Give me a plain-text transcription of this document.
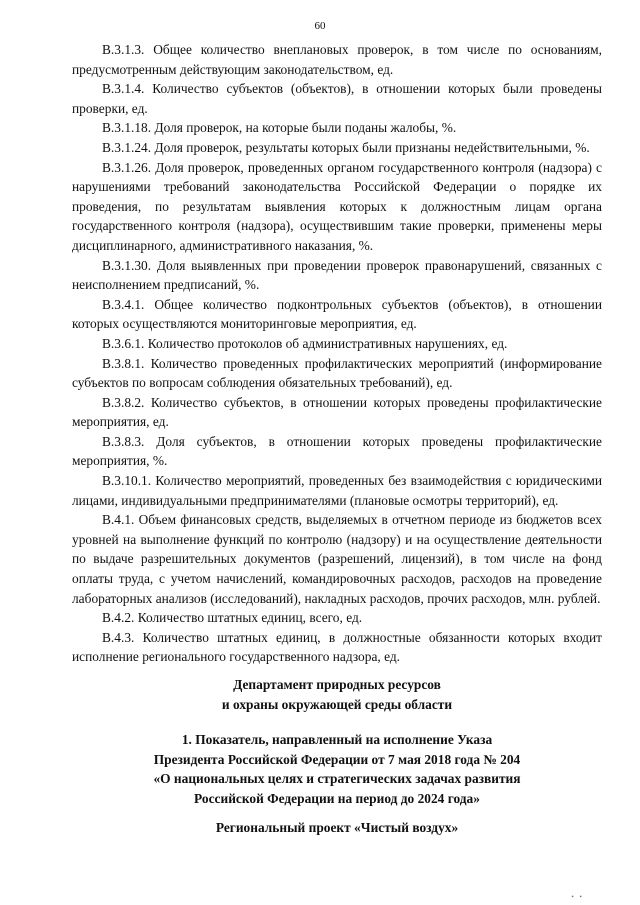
60

В.3.1.3. Общее количество внеплановых проверок, в том числе по основаниям, предусмотренным действующим законодательством, ед.

В.3.1.4. Количество субъектов (объектов), в отношении которых были проведены проверки, ед.

В.3.1.18. Доля проверок, на которые были поданы жалобы, %.

В.3.1.24. Доля проверок, результаты которых были признаны недействительными, %.

В.3.1.26. Доля проверок, проведенных органом государственного контроля (надзора) с нарушениями требований законодательства Российской Федерации о порядке их проведения, по результатам выявления которых к должностным лицам органа государственного контроля (надзора), осуществившим такие проверки, применены меры дисциплинарного, административного наказания, %.

В.3.1.30. Доля выявленных при проведении проверок правонарушений, связанных с неисполнением предписаний, %.

В.3.4.1. Общее количество подконтрольных субъектов (объектов), в отношении которых осуществляются мониторинговые мероприятия, ед.

В.3.6.1. Количество протоколов об административных нарушениях, ед.

В.3.8.1. Количество проведенных профилактических мероприятий (информирование субъектов по вопросам соблюдения обязательных требований), ед.

В.3.8.2. Количество субъектов, в отношении которых проведены профилактические мероприятия, ед.

В.3.8.3. Доля субъектов, в отношении которых проведены профилактические мероприятия, %.

В.3.10.1. Количество мероприятий, проведенных без взаимодействия с юридическими лицами, индивидуальными предпринимателями (плановые осмотры территорий), ед.

В.4.1. Объем финансовых средств, выделяемых в отчетном периоде из бюджетов всех уровней на выполнение функций по контролю (надзору) и на осуществление деятельности по выдаче разрешительных документов (разрешений, лицензий), в том числе на фонд оплаты труда, с учетом начислений, командировочных расходов, расходов на проведение лабораторных анализов (исследований), накладных расходов, прочих расходов, млн. рублей.

В.4.2. Количество штатных единиц, всего, ед.

В.4.3. Количество штатных единиц, в должностные обязанности которых входит исполнение регионального государственного надзора, ед.

Департамент природных ресурсов

и охраны окружающей среды области

1. Показатель, направленный на исполнение Указа

Президента Российской Федерации от 7 мая 2018 года № 204

«О национальных целях и стратегических задачах развития

Российской Федерации на период до 2024 года»

Региональный проект «Чистый воздух»

• •
